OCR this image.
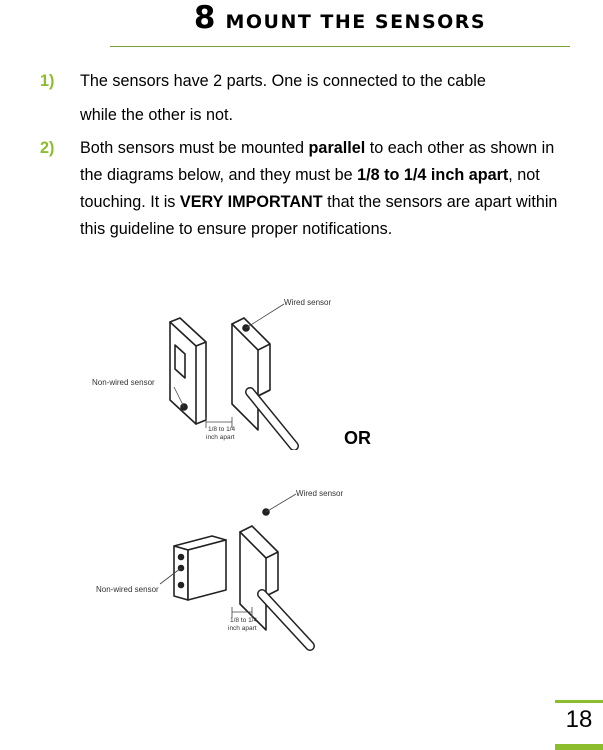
8 MOUNT THE SENSORS
1) The sensors have 2 parts. One is connected to the cable
while the other is not.
2) Both sensors must be mounted parallel to each other as shown in the diagrams below, and they must be 1/8 to 1/4 inch apart, not touching. It is VERY IMPORTANT that the sensors are apart within this guideline to ensure proper notifications.
Wired sensor
Non-wired sensor
1/8 to 1/4
inch apart	OR
Wired sensor
Non-wired sensor
1/8 to 1/4
inch apart
18
